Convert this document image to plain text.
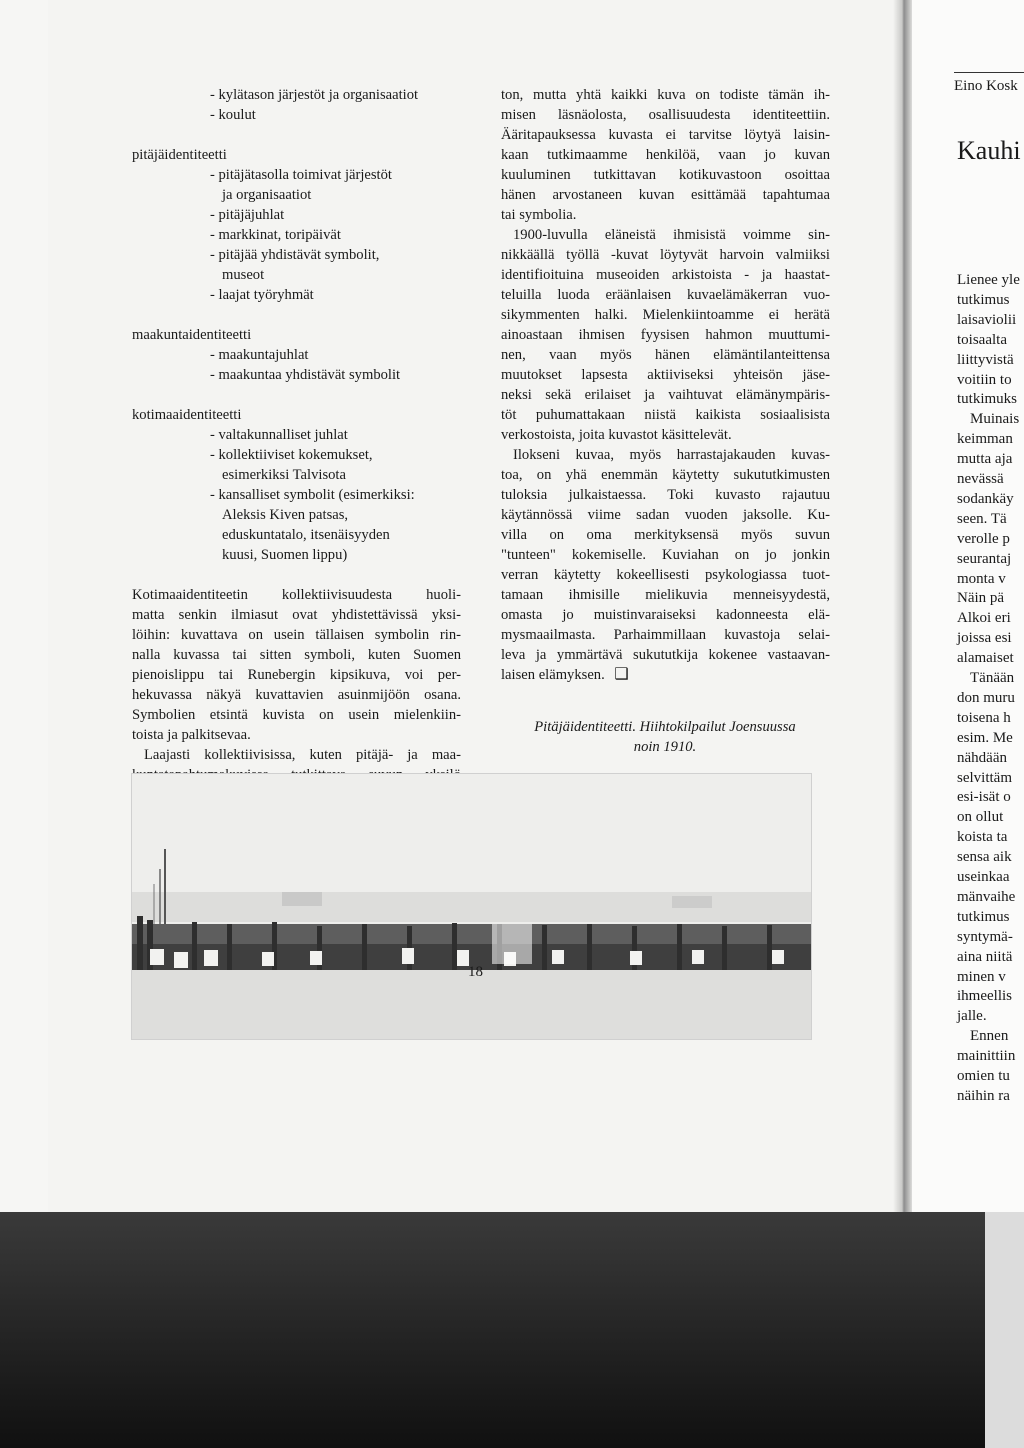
- kylätason järjestöt ja organisaatiot
- koulut
pitäjäidentiteetti
- pitäjätasolla toimivat järjestöt
ja organisaatiot
- pitäjäjuhlat
- markkinat, toripäivät
- pitäjää yhdistävät symbolit,
museot
- laajat työryhmät
maakuntaidentiteetti
- maakuntajuhlat
- maakuntaa yhdistävät symbolit
kotimaaidentiteetti
- valtakunnalliset juhlat
- kollektiiviset kokemukset,
esimerkiksi Talvisota
- kansalliset symbolit (esimerkiksi:
Aleksis Kiven patsas,
eduskuntatalo, itsenäisyyden
kuusi, Suomen lippu)
Kotimaaidentiteetin kollektiivisuudesta huoli-
matta senkin ilmiasut ovat yhdistettävissä yksi-
löihin: kuvattava on usein tällaisen symbolin rin-
nalla kuvassa tai sitten symboli, kuten Suomen
pienoislippu tai Runebergin kipsikuva, voi per-
hekuvassa näkyä kuvattavien asuinmijöön osana.
Symbolien etsintä kuvista on usein mielenkiin-
toista ja palkitsevaa.
Laajasti kollektiivisissa, kuten pitäjä- ja maa-
ton, mutta yhtä kaikki kuva on todiste tämän ih-
misen läsnäolosta, osallisuudesta identiteettiin.
Ääritapauksessa kuvasta ei tarvitse löytyä laisin-
kaan tutkimaamme henkilöä, vaan jo kuvan
kuuluminen tutkittavan kotikuvastoon osoittaa
hänen arvostaneen kuvan esittämää tapahtumaa
tai symbolia.
1900-luvulla eläneistä ihmisistä voimme sin-
nikkäällä työllä -kuvat löytyvät harvoin valmiiksi
identifioituina museoiden arkistoista - ja haastat-
teluilla luoda eräänlaisen kuvaelämäkerran vuo-
sikymmenten halki. Mielenkiintoamme ei herätä
ainoastaan ihmisen fyysisen hahmon muuttumi-
nen, vaan myös hänen elämäntilanteittensa
muutokset lapsesta aktiiviseksi yhteisön jäse-
neksi sekä erilaiset ja vaihtuvat elämänympäris-
töt puhumattakaan niistä kaikista sosiaalisista
verkostoista, joita kuvastot käsittelevät.
Ilokseni kuvaa, myös harrastajakauden kuvas-
toa, on yhä enemmän käytetty sukututkimusten
tuloksia julkaistaessa. Toki kuvasto rajautuu
käytännössä viime sadan vuoden jaksolle. Ku-
villa on oma merkityksensä myös suvun
"tunteen" kokemiselle. Kuviahan on jo jonkin
verran käytetty kokeellisesti psykologiassa tuot-
tamaan ihmisille mielikuvia menneisyydestä,
omasta jo muistinvaraiseksi kadonneesta elä-
mysmaailmasta. Parhaimmillaan kuvastoja selai-
leva ja ymmärtävä sukututkija kokenee vastaavan-
laisen elämyksen. ❑
Pitäjäidentiteetti. Hiihtokilpailut Joensuussa
noin 1910.
18
Eino Kosk
Kauhi
Lienee yle
tutkimus
laisaviolii
toisaalta
liittyvistä
voitiin to
tutkimuks
Muinais
keimman
mutta aja
nevässä
sodankäy
seen. Tä
verolle p
seurantaj
monta v
Näin pä
Alkoi eri
joissa esi
alamaiset
Tänään
don muru
toisena h
esim. Me
nähdään
selvittäm
esi-isät o
on ollut
koista ta
sensa aik
useinkaa
mänvaihe
tutkimus
syntymä-
aina niitä
minen v
ihmeellis
jalle.
Ennen
mainittiin
omien tu
näihin ra
